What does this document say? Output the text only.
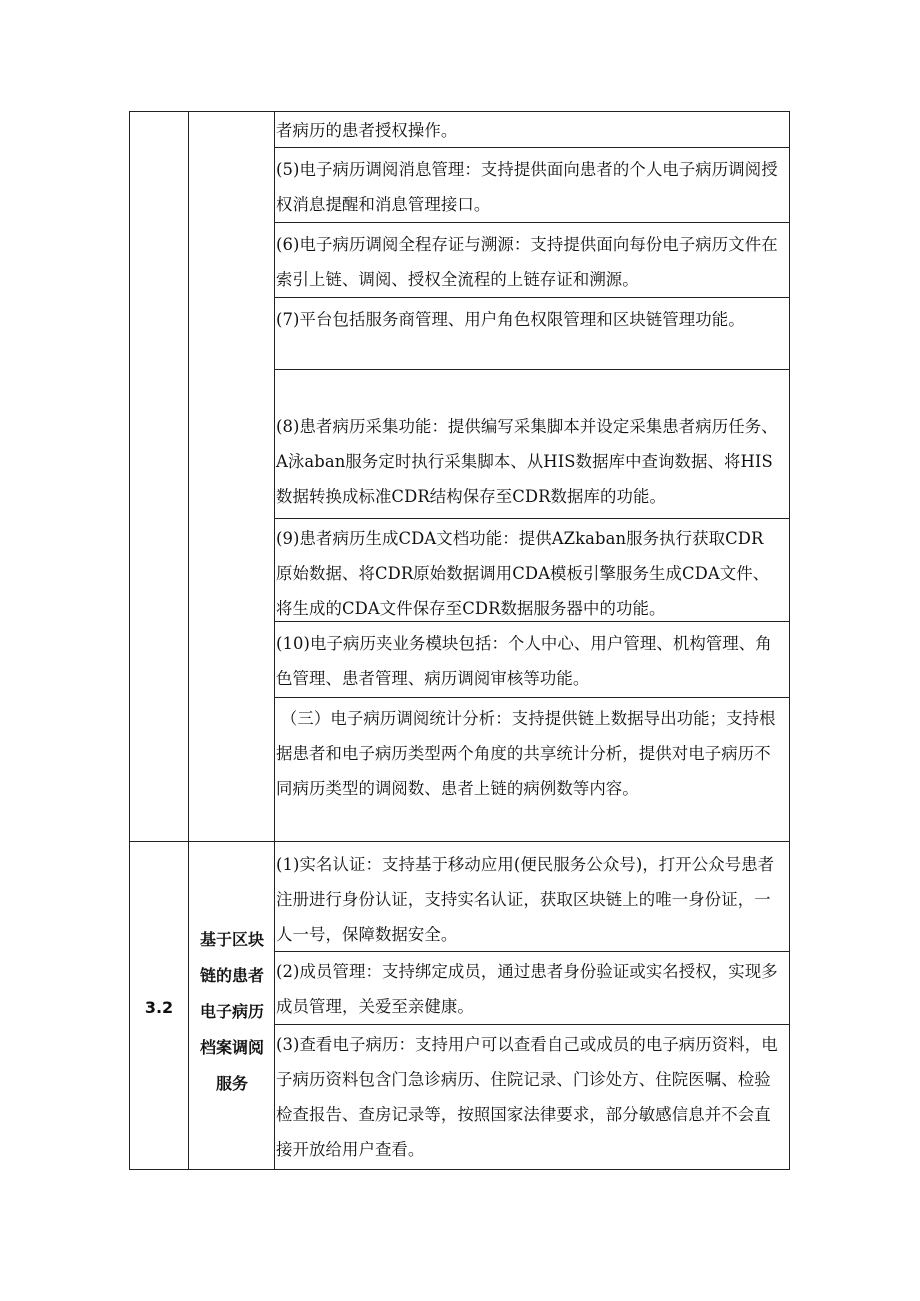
3.2
基于区块
链的患者
电子病历
档案调阅
服务
者病历的患者授权操作。
(5)电子病历调阅消息管理：支持提供面向患者的个人电子病历调阅授
权消息提醒和消息管理接口。
(6)电子病历调阅全程存证与溯源：支持提供面向每份电子病历文件在
索引上链、调阅、授权全流程的上链存证和溯源。
(7)平台包括服务商管理、用户角色权限管理和区块链管理功能。
(8)患者病历采集功能：提供编写采集脚本并设定采集患者病历任务、
A泳aban服务定时执行采集脚本、从HIS数据库中查询数据、将HIS
数据转换成标准CDR结构保存至CDR数据库的功能。
(9)患者病历生成CDA文档功能：提供AZkaban服务执行获取CDR
原始数据、将CDR原始数据调用CDA模板引擎服务生成CDA文件、
将生成的CDA文件保存至CDR数据服务器中的功能。
(10)电子病历夹业务模块包括：个人中心、用户管理、机构管理、角
色管理、患者管理、病历调阅审核等功能。
（三）电子病历调阅统计分析：支持提供链上数据导出功能；支持根
据患者和电子病历类型两个角度的共享统计分析，提供对电子病历不
同病历类型的调阅数、患者上链的病例数等内容。
(1)实名认证：支持基于移动应用(便民服务公众号)，打开公众号患者
注册进行身份认证，支持实名认证，获取区块链上的唯一身份证，一
人一号，保障数据安全。
(2)成员管理：支持绑定成员，通过患者身份验证或实名授权，实现多
成员管理，关爱至亲健康。
(3)查看电子病历：支持用户可以查看自己或成员的电子病历资料，电
子病历资料包含门急诊病历、住院记录、门诊处方、住院医嘱、检验
检查报告、查房记录等，按照国家法律要求，部分敏感信息并不会直
接开放给用户查看。
